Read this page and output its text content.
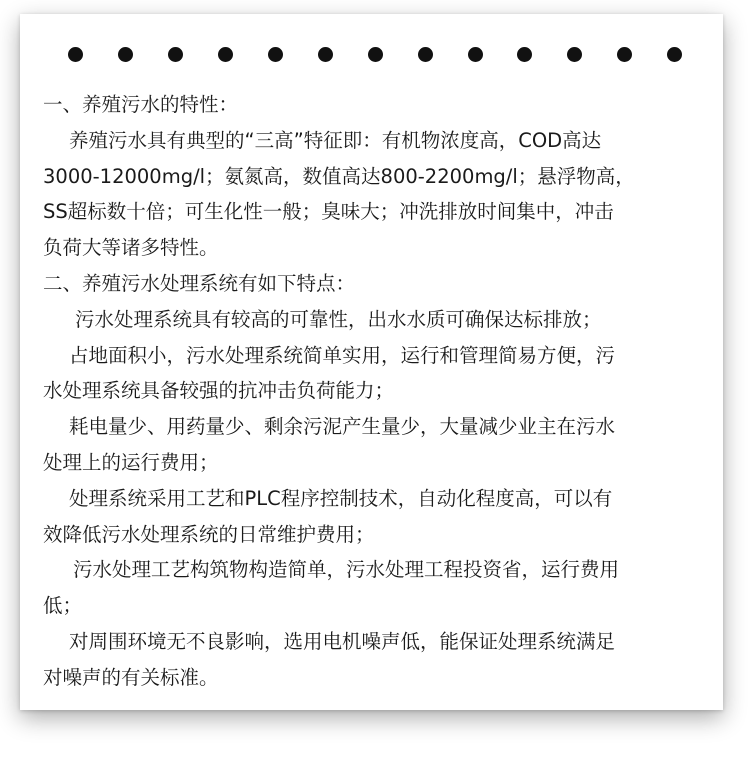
一、养殖污水的特性：
养殖污水具有典型的“三高”特征即：有机物浓度高，COD高达
3000-12000mg/l；氨氮高，数值高达800-2200mg/l；悬浮物高，
SS超标数十倍；可生化性一般；臭味大；冲洗排放时间集中，冲击
负荷大等诸多特性。
二、养殖污水处理系统有如下特点：
污水处理系统具有较高的可靠性，出水水质可确保达标排放；
占地面积小，污水处理系统简单实用，运行和管理简易方便，污
水处理系统具备较强的抗冲击负荷能力；
耗电量少、用药量少、剩余污泥产生量少，大量减少业主在污水
处理上的运行费用；
处理系统采用工艺和PLC程序控制技术，自动化程度高，可以有
效降低污水处理系统的日常维护费用；
污水处理工艺构筑物构造简单，污水处理工程投资省，运行费用
低；
对周围环境无不良影响，选用电机噪声低，能保证处理系统满足
对噪声的有关标准。
